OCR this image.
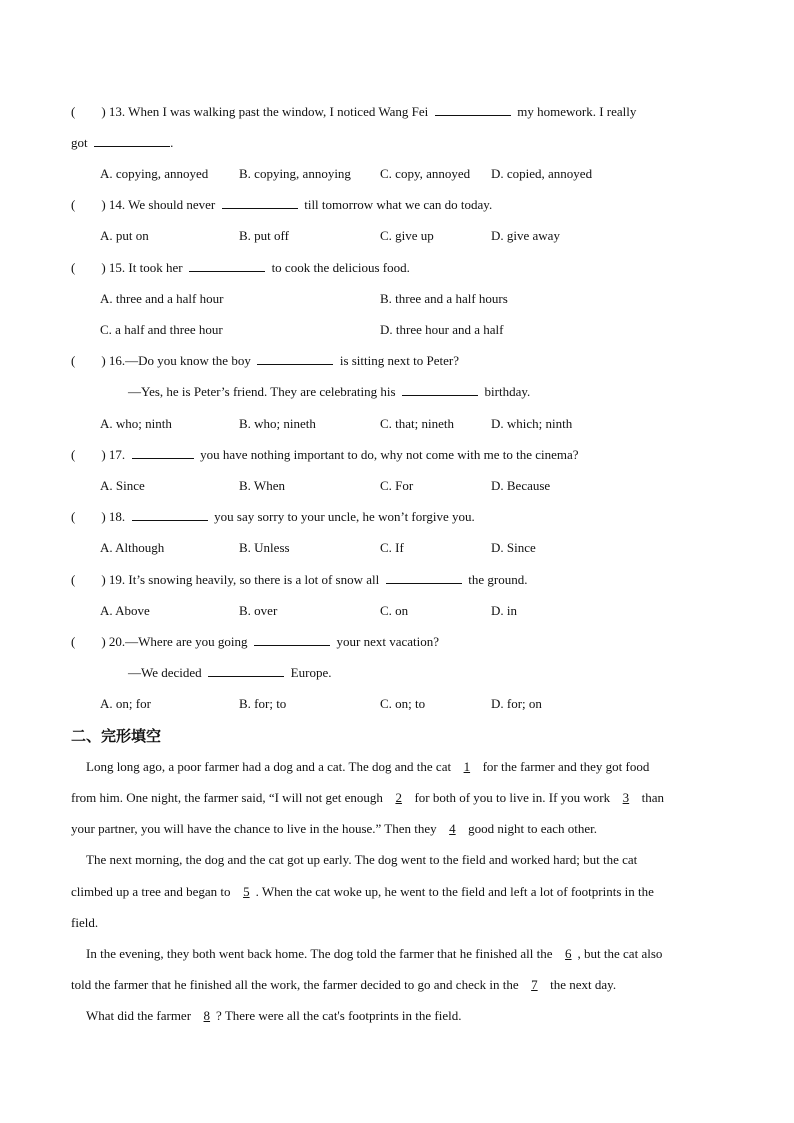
(        ) 13. When I was walking past the window, I noticed Wang Fei	my homework. I really
got	.
A. copying, annoyed B. copying, annoying C. copy, annoyed D. copied, annoyed
(        ) 14. We should never	till tomorrow what we can do today.
A. put on	B. put off	C. give up	D. give away
(        ) 15. It took her	to cook the delicious food.
A. three and a half hour	B. three and a half hours
C. a half and three hour	D. three hour and a half
(        ) 16.—Do you know the boy	is sitting next to Peter?
—Yes, he is Peter’s friend. They are celebrating his	birthday.
A. who; ninth	B. who; nineth	C. that; nineth	D. which; ninth
(        ) 17.	you have nothing important to do, why not come with me to the cinema?
A. Since	B. When	C. For	D. Because
(        ) 18.	you say sorry to your uncle, he won’t forgive you.
A. Although	B. Unless	C. If	D. Since
(        ) 19. It’s snowing heavily, so there is a lot of snow all	the ground.
A. Above	B. over	C. on	D. in
(        ) 20.—Where are you going	your next vacation?
—We decided	Europe.
A. on; for	B. for; to	C. on; to	D. for; on
二、完形填空
Long long ago, a poor farmer had a dog and a cat. The dog and the cat 1 for the farmer and they got food
from him. One night, the farmer said, “I will not get enough 2 for both of you to live in. If you work 3 than
your partner, you will have the chance to live in the house.” Then they 4 good night to each other.
The next morning, the dog and the cat got up early. The dog went to the field and worked hard; but the cat
climbed up a tree and began to 5 . When the cat woke up, he went to the field and left a lot of footprints in the
field.
In the evening, they both went back home. The dog told the farmer that he finished all the 6 , but the cat also
told the farmer that he finished all the work, the farmer decided to go and check in the 7 the next day.
What did the farmer 8 ? There were all the cat's footprints in the field.
